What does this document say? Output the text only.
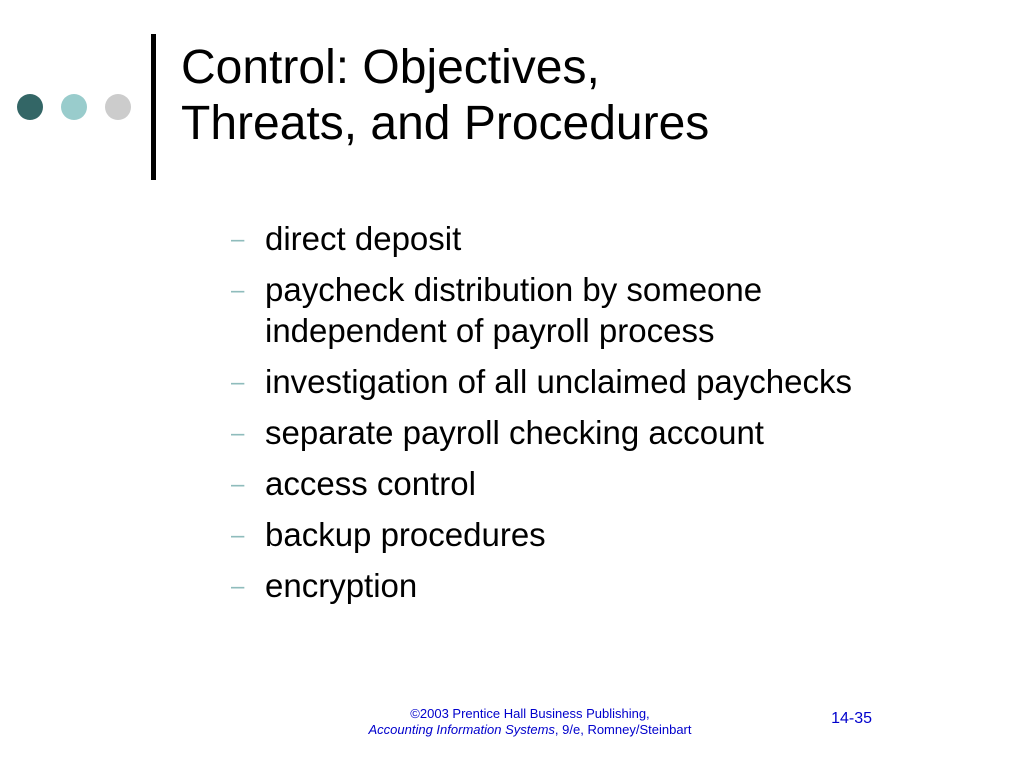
Control: Objectives,
Threats, and Procedures
– direct deposit
– paycheck distribution by someone independent of payroll process
– investigation of all unclaimed paychecks
– separate payroll checking account
– access control
– backup procedures
– encryption
©2003 Prentice Hall Business Publishing,
Accounting Information Systems, 9/e, Romney/Steinbart
14-35
